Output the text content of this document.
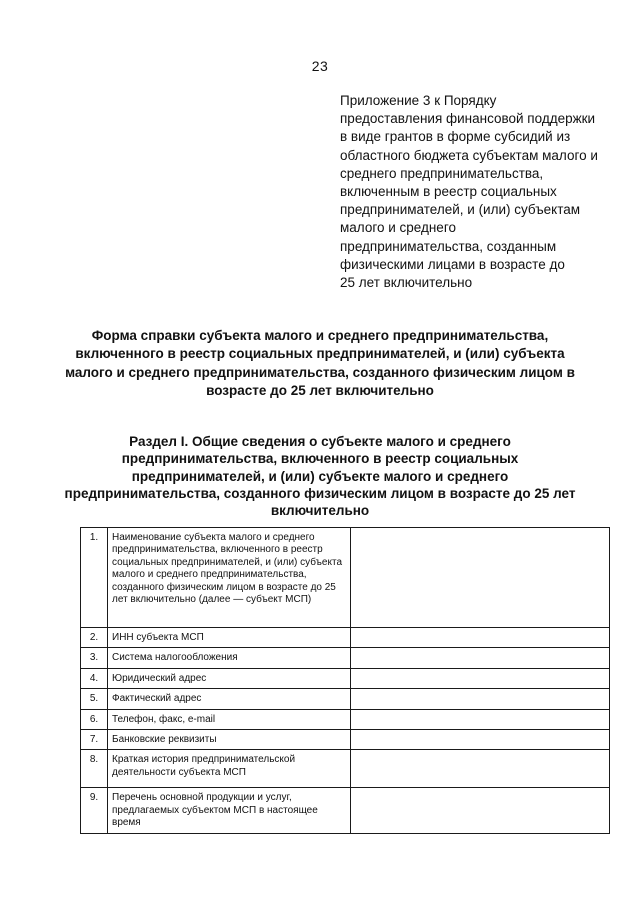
23
Приложение 3 к Порядку
предоставления финансовой поддержки
в виде грантов в форме субсидий из
областного бюджета субъектам малого и
среднего предпринимательства,
включенным в реестр социальных
предпринимателей, и (или) субъектам
малого и среднего
предпринимательства, созданным
физическими лицами в возрасте до
25 лет включительно
Форма справки субъекта малого и среднего предпринимательства,
включенного в реестр социальных предпринимателей, и (или) субъекта
малого и среднего предпринимательства, созданного физическим лицом в
возрасте до 25 лет включительно
Раздел I. Общие сведения о субъекте малого и среднего
предпринимательства, включенного в реестр социальных
предпринимателей, и (или) субъекте малого и среднего
предпринимательства, созданного физическим лицом в возрасте до 25 лет
включительно
1.	Наименование субъекта малого и среднего предпринимательства, включенного в реестр социальных предпринимателей, и (или) субъекта малого и среднего предпринимательства, созданного физическим лицом в возрасте до 25 лет включительно (далее — субъект МСП)	
2.	ИНН субъекта МСП	
3.	Система налогообложения	
4.	Юридический адрес	
5.	Фактический адрес	
6.	Телефон, факс, e-mail	
7.	Банковские реквизиты	
8.	Краткая история предпринимательской деятельности субъекта МСП	
9.	Перечень основной продукции и услуг, предлагаемых субъектом МСП в настоящее время	
